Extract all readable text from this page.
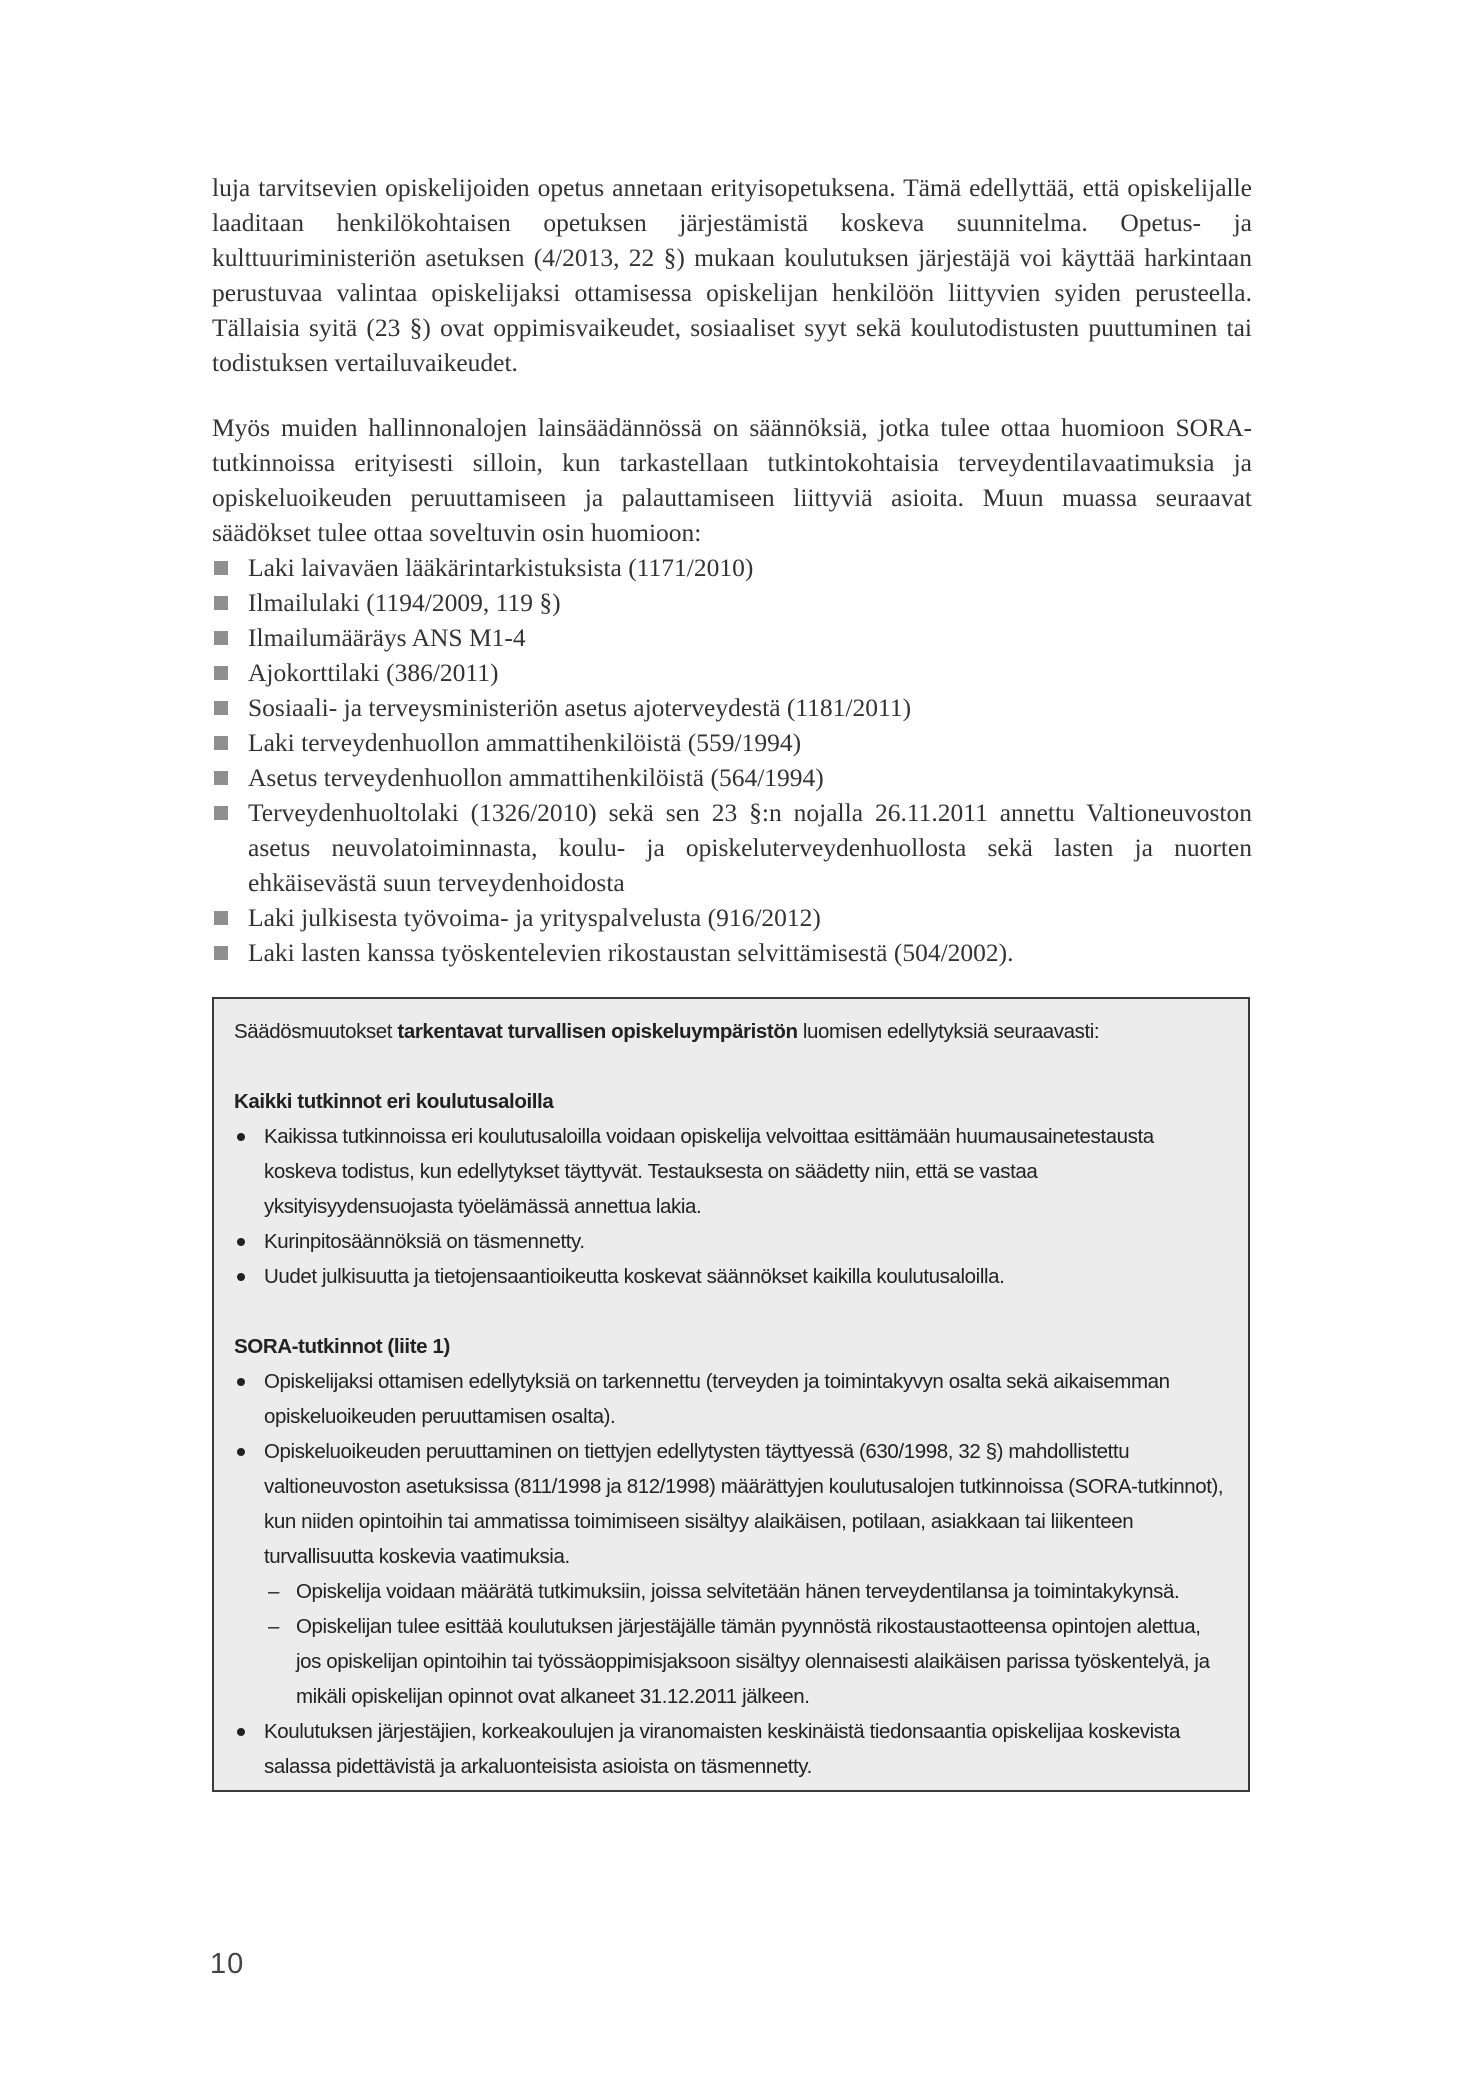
luja tarvitsevien opiskelijoiden opetus annetaan erityisopetuksena. Tämä edellyttää, että opiskelijalle laaditaan henkilökohtaisen opetuksen järjestämistä koskeva suunnitelma. Opetus- ja kulttuuriministeriön asetuksen (4/2013, 22 §) mukaan koulutuksen järjestäjä voi käyttää harkintaan perustuvaa valintaa opiskelijaksi ottamisessa opiskelijan henkilöön liittyvien syiden perusteella. Tällaisia syitä (23 §) ovat oppimisvaikeudet, sosiaaliset syyt sekä koulutodistusten puuttuminen tai todistuksen vertailuvaikeudet.

Myös muiden hallinnonalojen lainsäädännössä on säännöksiä, jotka tulee ottaa huomioon SORA-tutkinnoissa erityisesti silloin, kun tarkastellaan tutkintokohtaisia terveydentilavaatimuksia ja opiskeluoikeuden peruuttamiseen ja palauttamiseen liittyviä asioita. Muun muassa seuraavat säädökset tulee ottaa soveltuvin osin huomioon:

Laki laivaväen lääkärintarkistuksista (1171/2010)
Ilmailulaki (1194/2009, 119 §)
Ilmailumääräys ANS M1-4
Ajokorttilaki (386/2011)
Sosiaali- ja terveysministeriön asetus ajoterveydestä (1181/2011)
Laki terveydenhuollon ammattihenkilöistä (559/1994)
Asetus terveydenhuollon ammattihenkilöistä (564/1994)
Terveydenhuoltolaki (1326/2010) sekä sen 23 §:n nojalla 26.11.2011 annettu Valtioneuvoston asetus neuvolatoiminnasta, koulu- ja opiskeluterveydenhuollosta sekä lasten ja nuorten ehkäisevästä suun terveydenhoidosta
Laki julkisesta työvoima- ja yrityspalvelusta (916/2012)
Laki lasten kanssa työskentelevien rikostaustan selvittämisestä (504/2002).

Säädösmuutokset tarkentavat turvallisen opiskeluympäristön luomisen edellytyksiä seuraavasti:

Kaikki tutkinnot eri koulutusaloilla

Kaikissa tutkinnoissa eri koulutusaloilla voidaan opiskelija velvoittaa esittämään huumausainetestausta koskeva todistus, kun edellytykset täyttyvät. Testauksesta on säädetty niin, että se vastaa yksityisyydensuojasta työelämässä annettua lakia.
Kurinpitosäännöksiä on täsmennetty.
Uudet julkisuutta ja tietojensaantioikeutta koskevat säännökset kaikilla koulutusaloilla.

SORA-tutkinnot (liite 1)

Opiskelijaksi ottamisen edellytyksiä on tarkennettu (terveyden ja toimintakyvyn osalta sekä aikaisemman opiskeluoikeuden peruuttamisen osalta).
Opiskeluoikeuden peruuttaminen on tiettyjen edellytysten täyttyessä (630/1998, 32 §) mahdollistettu valtioneuvoston asetuksissa (811/1998 ja 812/1998) määrättyjen koulutusalojen tutkinnoissa (SORA-tutkinnot), kun niiden opintoihin tai ammatissa toimimiseen sisältyy alaikäisen, potilaan, asiakkaan tai liikenteen turvallisuutta koskevia vaatimuksia.
– Opiskelija voidaan määrätä tutkimuksiin, joissa selvitetään hänen terveydentilansa ja toimintakykynsä.
– Opiskelijan tulee esittää koulutuksen järjestäjälle tämän pyynnöstä rikostaustaotteensa opintojen alettua, jos opiskelijan opintoihin tai työssäoppimisjaksoon sisältyy olennaisesti alaikäisen parissa työskentelyä, ja mikäli opiskelijan opinnot ovat alkaneet 31.12.2011 jälkeen.
Koulutuksen järjestäjien, korkeakoulujen ja viranomaisten keskinäistä tiedonsaantia opiskelijaa koskevista salassa pidettävistä ja arkaluonteisista asioista on täsmennetty.
10
